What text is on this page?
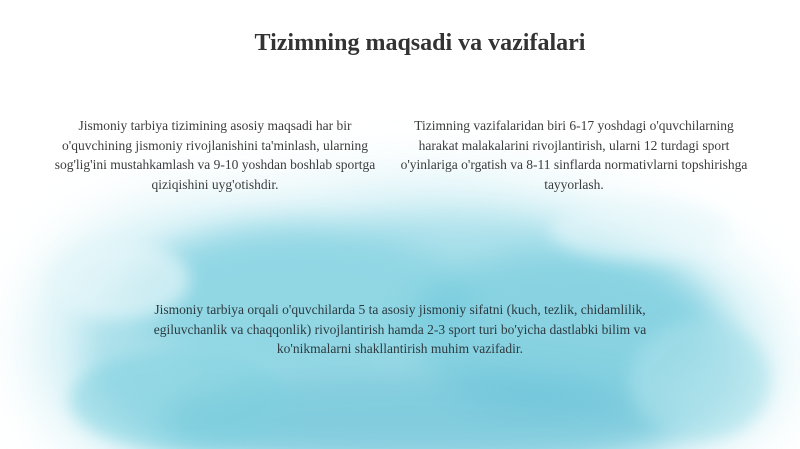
Tizimning maqsadi va vazifalari

Jismoniy tarbiya tizimining asosiy maqsadi har bir o'quvchining jismoniy rivojlanishini ta'minlash, ularning sog'lig'ini mustahkamlash va 9-10 yoshdan boshlab sportga qiziqishini uyg'otishdir.

Tizimning vazifalaridan biri 6-17 yoshdagi o'quvchilarning harakat malakalarini rivojlantirish, ularni 12 turdagi sport o'yinlariga o'rgatish va 8-11 sinflarda normativlarni topshirishga tayyorlash.

Jismoniy tarbiya orqali o'quvchilarda 5 ta asosiy jismoniy sifatni (kuch, tezlik, chidamlilik, egiluvchanlik va chaqqonlik) rivojlantirish hamda 2-3 sport turi bo'yicha dastlabki bilim va ko'nikmalarni shakllantirish muhim vazifadir.
